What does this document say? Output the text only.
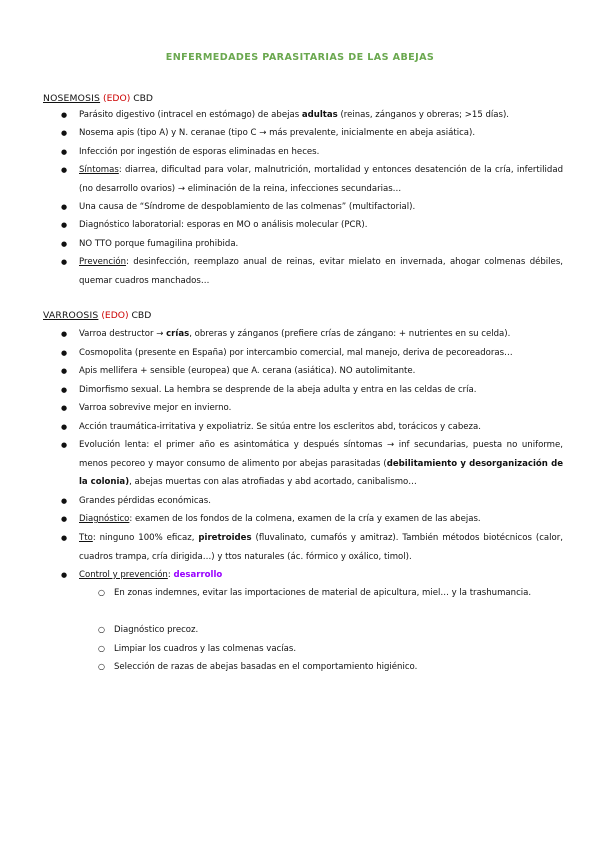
ENFERMEDADES PARASITARIAS DE LAS ABEJAS
NOSEMOSIS (EDO) CBD
● Parásito digestivo (intracel en estómago) de abejas adultas (reinas, zánganos y obreras; >15 días).
● Nosema apis (tipo A) y N. ceranae (tipo C → más prevalente, inicialmente en abeja asiática).
● Infección por ingestión de esporas eliminadas en heces.
● Síntomas: diarrea, dificultad para volar, malnutrición, mortalidad y entonces desatención de la cría, infertilidad (no desarrollo ovarios) → eliminación de la reina, infecciones secundarias…
● Una causa de “Síndrome de despoblamiento de las colmenas” (multifactorial).
● Diagnóstico laboratorial: esporas en MO o análisis molecular (PCR).
● NO TTO porque fumagilina prohibida.
● Prevención: desinfección, reemplazo anual de reinas, evitar mielato en invernada, ahogar colmenas débiles, quemar cuadros manchados…
VARROOSIS (EDO) CBD
● Varroa destructor → crías, obreras y zánganos (prefiere crías de zángano: + nutrientes en su celda).
● Cosmopolita (presente en España) por intercambio comercial, mal manejo, deriva de pecoreadoras…
● Apis mellifera + sensible (europea) que A. cerana (asiática). NO autolimitante.
● Dimorfismo sexual. La hembra se desprende de la abeja adulta y entra en las celdas de cría.
● Varroa sobrevive mejor en invierno.
● Acción traumática-irritativa y expoliatriz. Se sitúa entre los escleritos abd, torácicos y cabeza.
● Evolución lenta: el primer año es asintomática y después síntomas → inf secundarias, puesta no uniforme, menos pecoreo y mayor consumo de alimento por abejas parasitadas (debilitamiento y desorganización de la colonia), abejas muertas con alas atrofiadas y abd acortado, canibalismo…
● Grandes pérdidas económicas.
● Diagnóstico: examen de los fondos de la colmena, examen de la cría y examen de las abejas.
● Tto: ninguno 100% eficaz, piretroides (fluvalinato, cumafós y amitraz). También métodos biotécnicos (calor, cuadros trampa, cría dirigida…) y ttos naturales (ác. fórmico y oxálico, timol).
● Control y prevención: desarrollo
○ En zonas indemnes, evitar las importaciones de material de apicultura, miel… y la trashumancia.
○ Diagnóstico precoz.
○ Limpiar los cuadros y las colmenas vacías.
○ Selección de razas de abejas basadas en el comportamiento higiénico.
